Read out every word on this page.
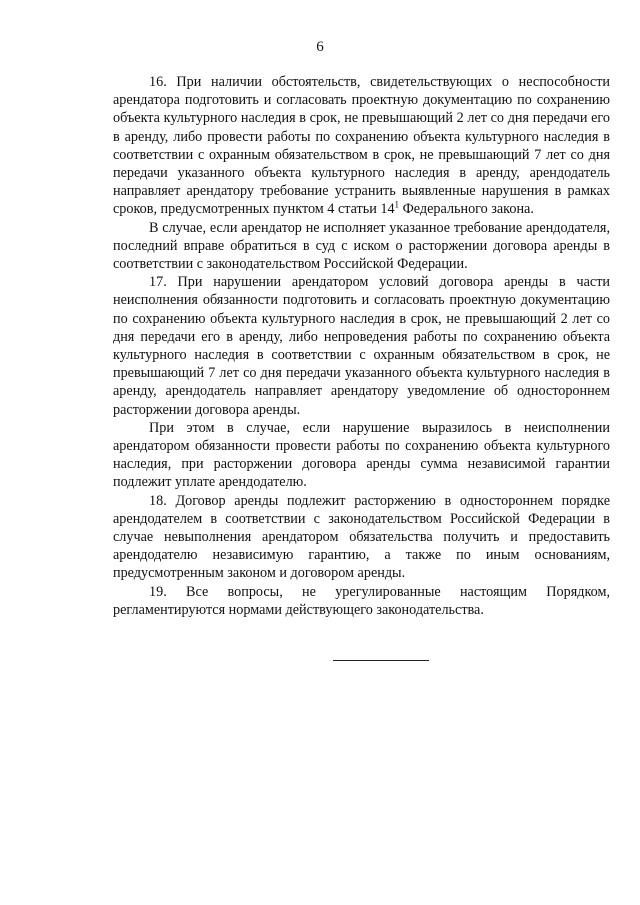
6

16. При наличии обстоятельств, свидетельствующих о неспособности арендатора подготовить и согласовать проектную документацию по сохранению объекта культурного наследия в срок, не превышающий 2 лет со дня передачи его в аренду, либо провести работы по сохранению объекта культурного наследия в соответствии с охранным обязательством в срок, не превышающий 7 лет со дня передачи указанного объекта культурного наследия в аренду, арендодатель направляет арендатору требование устранить выявленные нарушения в рамках сроков, предусмотренных пунктом 4 статьи $14^1$ Федерального закона.

В случае, если арендатор не исполняет указанное требование арендодателя, последний вправе обратиться в суд с иском о расторжении договора аренды в соответствии с законодательством Российской Федерации.

17. При нарушении арендатором условий договора аренды в части неисполнения обязанности подготовить и согласовать проектную документацию по сохранению объекта культурного наследия в срок, не превышающий 2 лет со дня передачи его в аренду, либо непроведения работы по сохранению объекта культурного наследия в соответствии с охранным обязательством в срок, не превышающий 7 лет со дня передачи указанного объекта культурного наследия в аренду, арендодатель направляет арендатору уведомление об одностороннем расторжении договора аренды.

При этом в случае, если нарушение выразилось в неисполнении арендатором обязанности провести работы по сохранению объекта культурного наследия, при расторжении договора аренды сумма независимой гарантии подлежит уплате арендодателю.

18. Договор аренды подлежит расторжению в одностороннем порядке арендодателем в соответствии с законодательством Российской Федерации в случае невыполнения арендатором обязательства получить и предоставить арендодателю независимую гарантию, а также по иным основаниям, предусмотренным законом и договором аренды.

19. Все вопросы, не урегулированные настоящим Порядком, регламентируются нормами действующего законодательства.
